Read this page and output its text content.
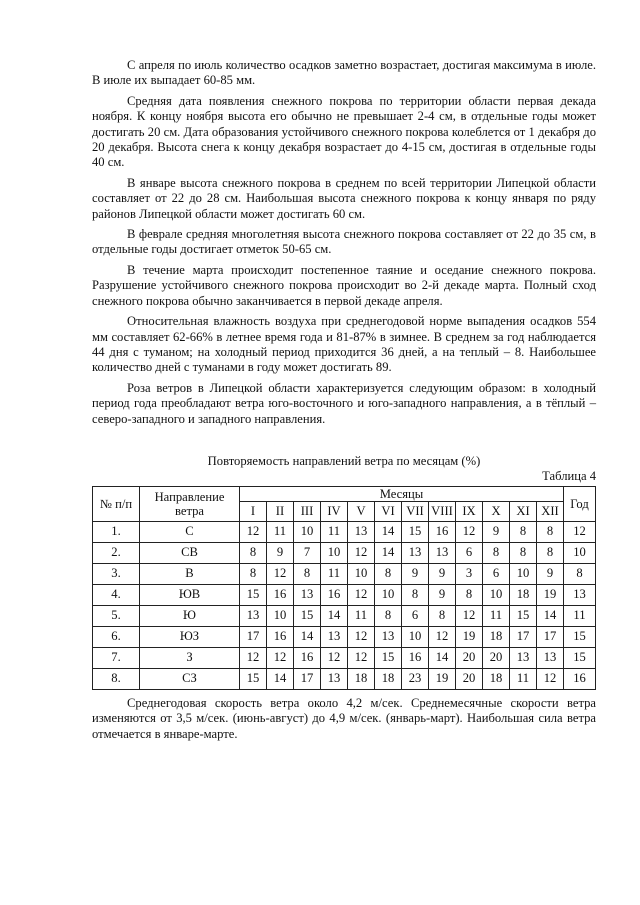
С апреля по июль количество осадков заметно возрастает, достигая максимума в июле. В июле их выпадает 60-85 мм.

Средняя дата появления снежного покрова по территории области первая декада ноября. К концу ноября высота его обычно не превышает 2-4 см, в отдельные годы может достигать 20 см. Дата образования устойчивого снежного покрова колеблется от 1 декабря до 20 декабря. Высота снега к концу декабря возрастает до 4-15 см, достигая в отдельные годы 40 см.

В январе высота снежного покрова в среднем по всей территории Липецкой области составляет от 22 до 28 см. Наибольшая высота снежного покрова к концу января по ряду районов Липецкой области может достигать 60 см.

В феврале средняя многолетняя высота снежного покрова составляет от 22 до 35 см, в отдельные годы достигает отметок 50-65 см.

В течение марта происходит постепенное таяние и оседание снежного покрова. Разрушение устойчивого снежного покрова происходит во 2-й декаде марта. Полный сход снежного покрова обычно заканчивается в первой декаде апреля.

Относительная влажность воздуха при среднегодовой норме выпадения осадков 554 мм составляет 62-66% в летнее время года и 81-87% в зимнее. В среднем за год наблюдается 44 дня с туманом; на холодный период приходится 36 дней, а на теплый – 8. Наибольшее количество дней с туманами в году может достигать 89.

Роза ветров в Липецкой области характеризуется следующим образом: в холодный период года преобладают ветра юго-восточного и юго-западного направления, а в тёплый – северо-западного и западного направления.

Повторяемость направлений ветра по месяцам (%)

Таблица 4

№ п/п	Направление ветра	Месяцы												Год
		I	II	III	IV	V	VI	VII	VIII	IX	X	XI	XII	
1.	С	12	11	10	11	13	14	15	16	12	9	8	8	12
2.	СВ	8	9	7	10	12	14	13	13	6	8	8	8	10
3.	В	8	12	8	11	10	8	9	9	3	6	10	9	8
4.	ЮВ	15	16	13	16	12	10	8	9	8	10	18	19	13
5.	Ю	13	10	15	14	11	8	6	8	12	11	15	14	11
6.	ЮЗ	17	16	14	13	12	13	10	12	19	18	17	17	15
7.	З	12	12	16	12	12	15	16	14	20	20	13	13	15
8.	СЗ	15	14	17	13	18	18	23	19	20	18	11	12	16

Среднегодовая скорость ветра около 4,2 м/сек. Среднемесячные скорости ветра изменяются от 3,5 м/сек. (июнь-август) до 4,9 м/сек. (январь-март). Наибольшая сила ветра отмечается в январе-марте.
